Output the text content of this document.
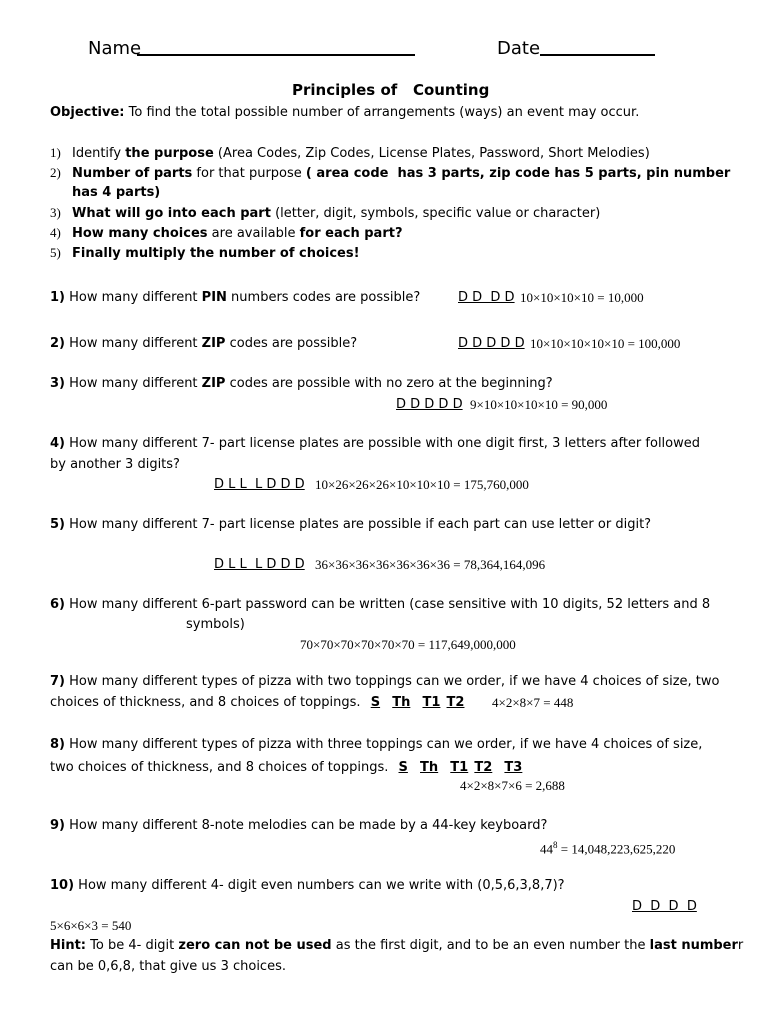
Name	Date
Principles of   Counting
Objective: To find the total possible number of arrangements (ways) an event may occur.
1) Identify the purpose (Area Codes, Zip Codes, License Plates, Password, Short Melodies)
2) Number of parts for that purpose ( area code  has 3 parts, zip code has 5 parts, pin number
has 4 parts)
3) What will go into each part (letter, digit, symbols, specific value or character)
4) How many choices are available for each part?
5) Finally multiply the number of choices!
1) How many different PIN numbers codes are possible?	D D  D D 10×10×10×10 = 10,000
2) How many different ZIP codes are possible?	D D D D D 10×10×10×10×10 = 100,000
3) How many different ZIP codes are possible with no zero at the beginning?
D D D D D 9×10×10×10×10 = 90,000
4) How many different 7- part license plates are possible with one digit first, 3 letters after followed
by another 3 digits?
D L L  L D D D 10×26×26×26×10×10×10 = 175,760,000
5) How many different 7- part license plates are possible if each part can use letter or digit?
D L L  L D D D 36×36×36×36×36×36×36 = 78,364,164,096
6) How many different 6-part password can be written (case sensitive with 10 digits, 52 letters and 8
symbols)
70×70×70×70×70×70 = 117,649,000,000
7) How many different types of pizza with two toppings can we order, if we have 4 choices of size, two
choices of thickness, and 8 choices of toppings. S Th T1 T2 4×2×8×7 = 448
8) How many different types of pizza with three toppings can we order, if we have 4 choices of size,
two choices of thickness, and 8 choices of toppings. S Th T1 T2 T3
4×2×8×7×6 = 2,688
9) How many different 8-note melodies can be made by a 44-key keyboard?
$44^8 = 14,048,223,625,220$
10) How many different 4- digit even numbers can we write with (0,5,6,3,8,7)?
D  D  D  D
5×6×6×3 = 540
Hint: To be 4- digit zero can not be used as the first digit, and to be an even number the last numberr
can be 0,6,8, that give us 3 choices.
